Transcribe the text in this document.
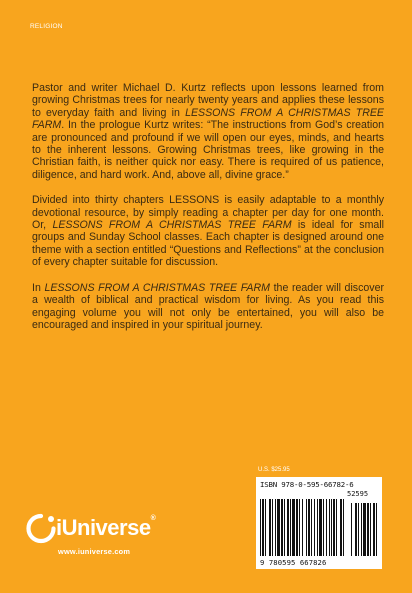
RELIGION

Pastor and writer Michael D. Kurtz reflects upon lessons learned from growing Christmas trees for nearly twenty years and applies these lessons to everyday faith and living in LESSONS FROM A CHRISTMAS TREE FARM. In the prologue Kurtz writes: “The instructions from God’s creation are pronounced and profound if we will open our eyes, minds, and hearts to the inherent lessons. Growing Christmas trees, like growing in the Christian faith, is neither quick nor easy. There is required of us patience, diligence, and hard work. And, above all, divine grace.”

Divided into thirty chapters LESSONS is easily adaptable to a monthly devotional resource, by simply reading a chapter per day for one month. Or, LESSONS FROM A CHRISTMAS TREE FARM is ideal for small groups and Sunday School classes. Each chapter is designed around one theme with a section entitled “Questions and Reflections” at the conclusion of every chapter suitable for discussion.

In LESSONS FROM A CHRISTMAS TREE FARM the reader will discover a wealth of biblical and practical wisdom for living. As you read this engaging volume you will not only be entertained, you will also be encouraged and inspired in your spiritual journey.

U.S. $25.95
ISBN 978-0-595-66782-6
52595
9 780595 667826
iUniverse®
www.iuniverse.com
